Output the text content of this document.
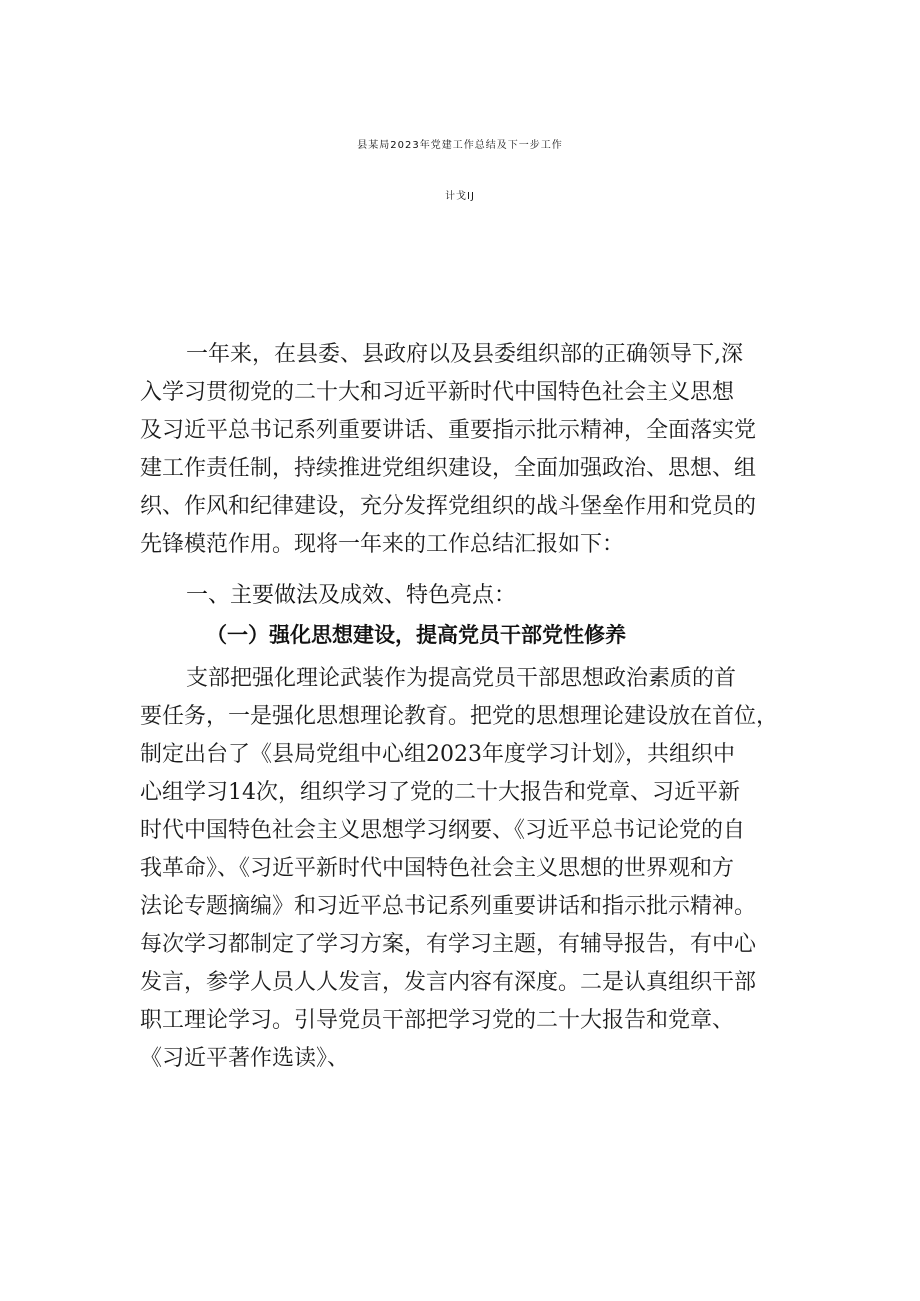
县某局2023年党建工作总结及下一步工作
计戈IJ
一年来，在县委、县政府以及县委组织部的正确领导下,深
入学习贯彻党的二十大和习近平新时代中国特色社会主义思想
及习近平总书记系列重要讲话、重要指示批示精神，全面落实党
建工作责任制，持续推进党组织建设，全面加强政治、思想、组
织、作风和纪律建设，充分发挥党组织的战斗堡垒作用和党员的
先锋模范作用。现将一年来的工作总结汇报如下：
一、主要做法及成效、特色亮点：
（一）强化思想建设，提高党员干部党性修养
支部把强化理论武装作为提高党员干部思想政治素质的首
要任务，一是强化思想理论教育。把党的思想理论建设放在首位，
制定出台了《县局党组中心组2023年度学习计划》，共组织中
心组学习14次，组织学习了党的二十大报告和党章、习近平新
时代中国特色社会主义思想学习纲要、《习近平总书记论党的自
我革命》、《习近平新时代中国特色社会主义思想的世界观和方
法论专题摘编》和习近平总书记系列重要讲话和指示批示精神。
每次学习都制定了学习方案，有学习主题，有辅导报告，有中心
发言，参学人员人人发言，发言内容有深度。二是认真组织干部
职工理论学习。引导党员干部把学习党的二十大报告和党章、
《习近平著作选读》、
